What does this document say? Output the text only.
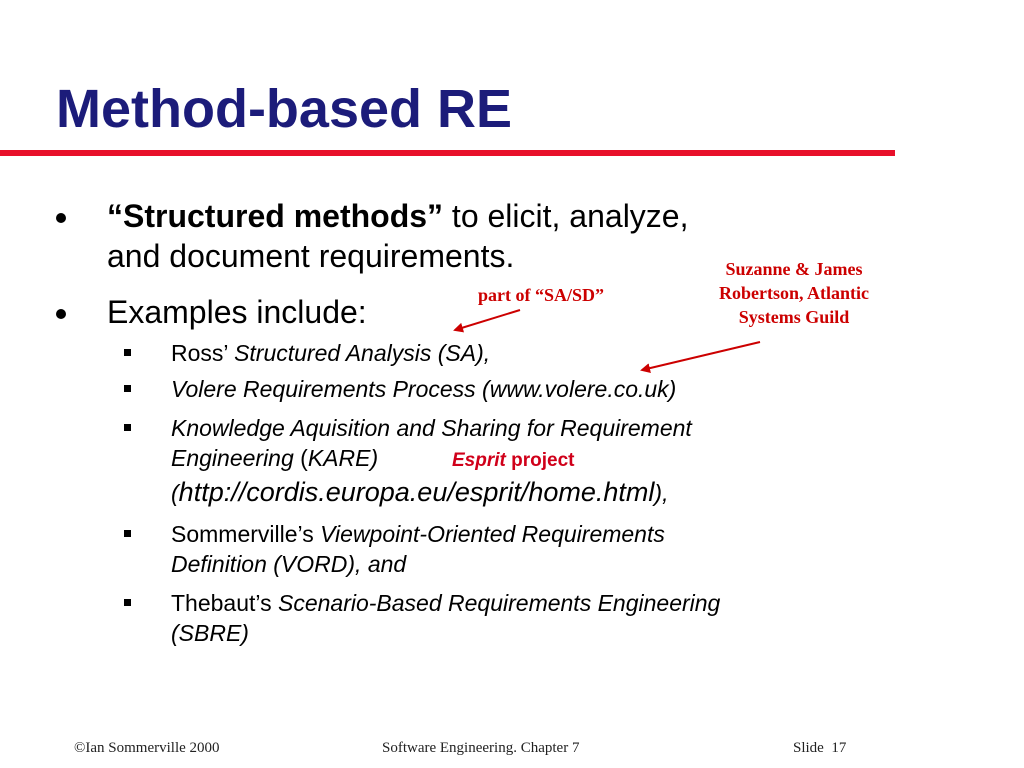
Method-based RE
“Structured methods” to elicit, analyze,
and document requirements.
Examples include:
Ross’ Structured Analysis (SA),
Volere Requirements Process (www.volere.co.uk)
Knowledge Aquisition and Sharing for Requirement
Engineering (KARE)
(http://cordis.europa.eu/esprit/home.html),
Sommerville’s Viewpoint-Oriented Requirements
Definition (VORD), and
Thebaut’s Scenario-Based Requirements Engineering
(SBRE)
part of “SA/SD”
Suzanne & James
Robertson, Atlantic
Systems Guild
Esprit project
©Ian Sommerville 2000	Software Engineering. Chapter 7	Slide 17
